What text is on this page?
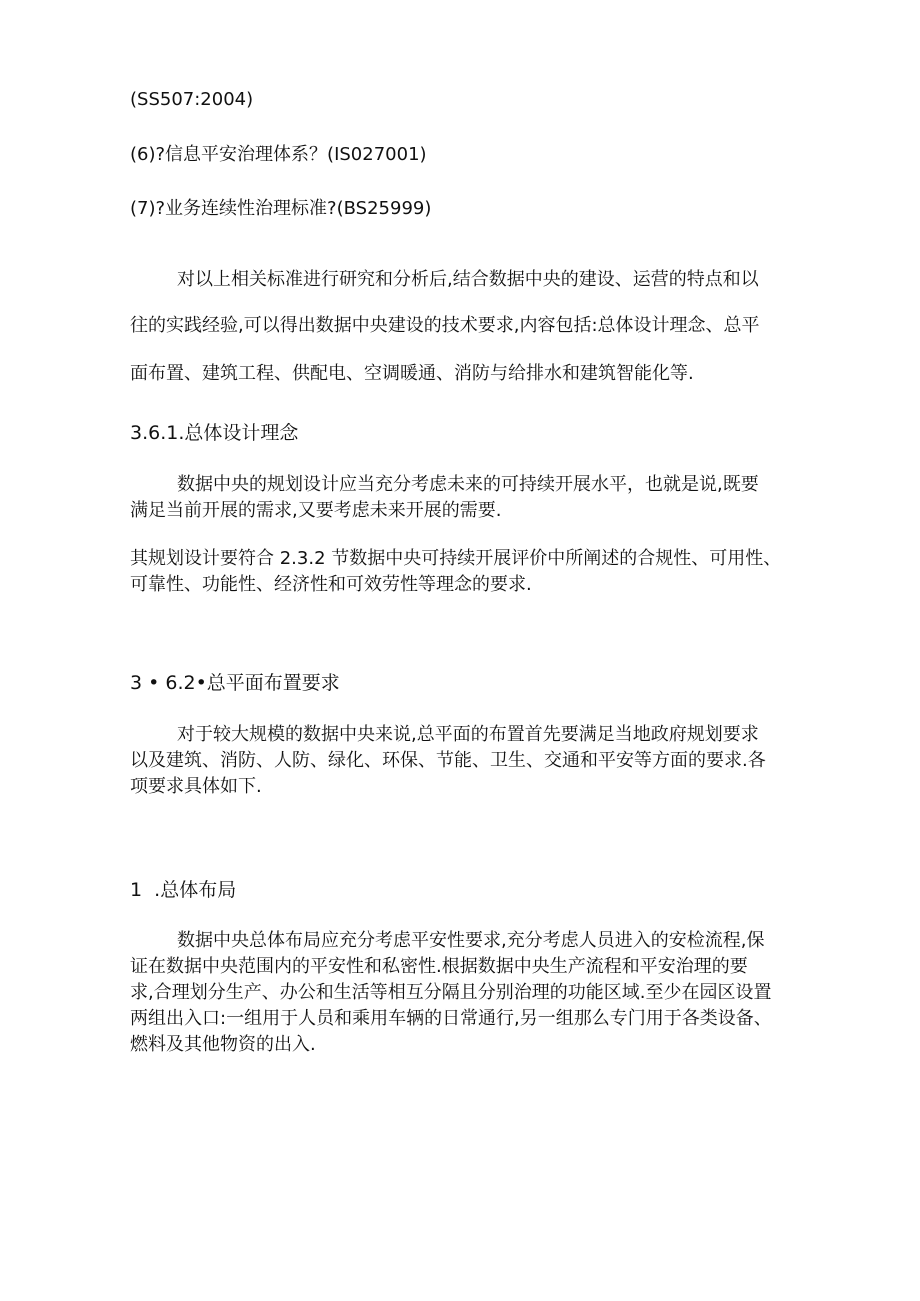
(SS507:2004)
(6)?信息平安治理体系？(IS027001)
(7)?业务连续性治理标准?(BS25999)
对以上相关标准进行研究和分析后,结合数据中央的建设、运营的特点和以
往的实践经验,可以得出数据中央建设的技术要求,内容包括:总体设计理念、总平
面布置、建筑工程、供配电、空调暖通、消防与给排水和建筑智能化等.
3.6.1.总体设计理念
数据中央的规划设计应当充分考虑未来的可持续开展水平，也就是说,既要
满足当前开展的需求,又要考虑未来开展的需要.
其规划设计要符合 2.3.2 节数据中央可持续开展评价中所阐述的合规性、可用性、
可靠性、功能性、经济性和可效劳性等理念的要求.
3 • 6.2•总平面布置要求
对于较大规模的数据中央来说,总平面的布置首先要满足当地政府规划要求
以及建筑、消防、人防、绿化、环保、节能、卫生、交通和平安等方面的要求.各
项要求具体如下.
1  .总体布局
数据中央总体布局应充分考虑平安性要求,充分考虑人员进入的安检流程,保
证在数据中央范围内的平安性和私密性.根据数据中央生产流程和平安治理的要
求,合理划分生产、办公和生活等相互分隔且分别治理的功能区域.至少在园区设置
两组出入口:一组用于人员和乘用车辆的日常通行,另一组那么专门用于各类设备、
燃料及其他物资的出入.
